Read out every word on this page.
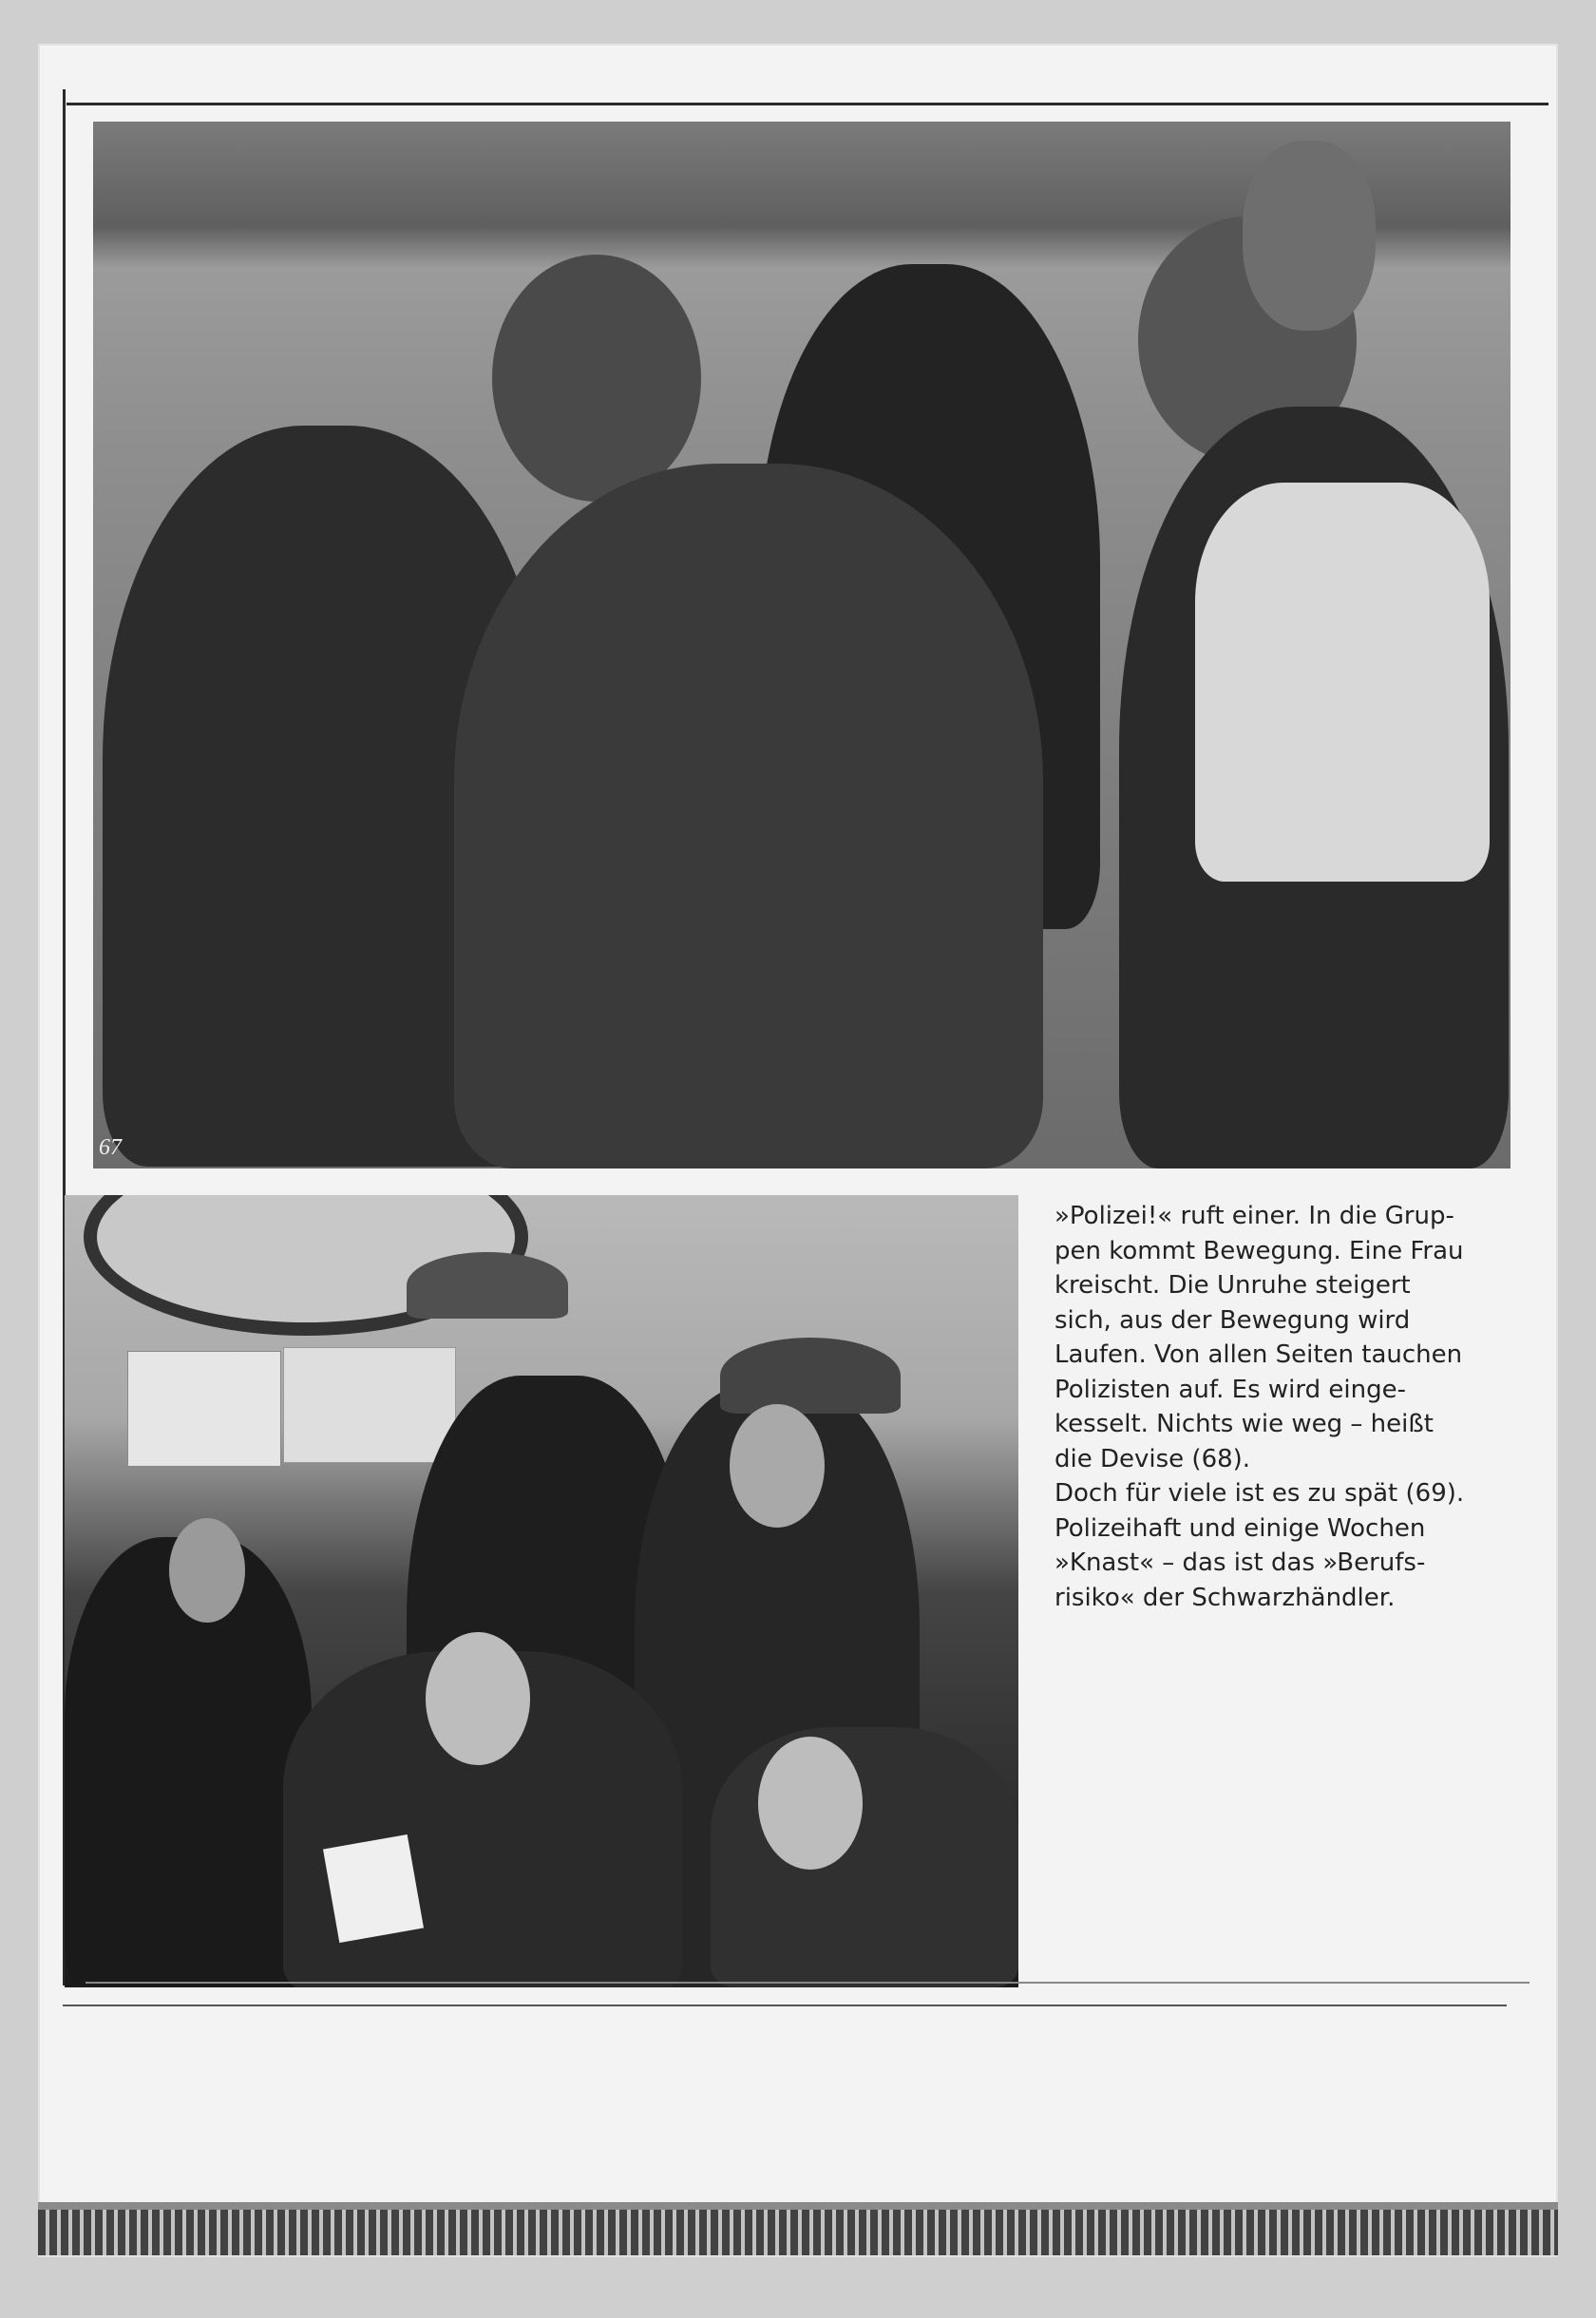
67

»Polizei!« ruft einer. In die Grup-
pen kommt Bewegung. Eine Frau
kreischt. Die Unruhe steigert
sich, aus der Bewegung wird
Laufen. Von allen Seiten tauchen
Polizisten auf. Es wird einge-
kesselt. Nichts wie weg – heißt
die Devise (68).
Doch für viele ist es zu spät (69).
Polizeihaft und einige Wochen
»Knast« – das ist das »Berufs-
risiko« der Schwarzhändler.
